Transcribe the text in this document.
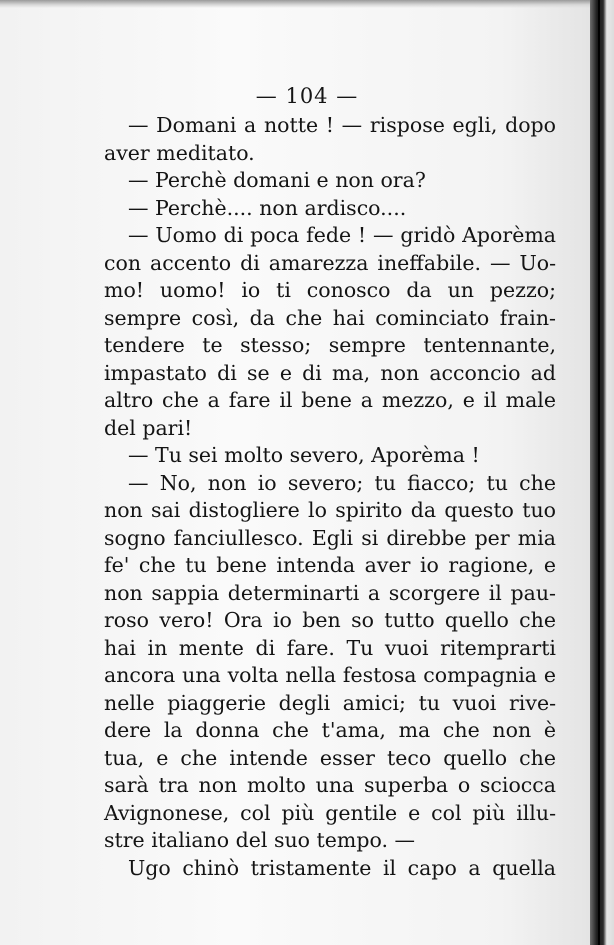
— 104 —
— Domani a notte ! — rispose egli, dopo
aver meditato.
— Perchè domani e non ora?
— Perchè.... non ardisco....
— Uomo di poca fede ! — gridò Aporèma
con accento di amarezza ineffabile. — Uo-
mo! uomo! io ti conosco da un pezzo;
sempre così, da che hai cominciato frain-
tendere te stesso; sempre tentennante,
impastato di se e di ma, non acconcio ad
altro che a fare il bene a mezzo, e il male
del pari!
— Tu sei molto severo, Aporèma !
— No, non io severo; tu fiacco; tu che
non sai distogliere lo spirito da questo tuo
sogno fanciullesco. Egli si direbbe per mia
fe' che tu bene intenda aver io ragione, e
non sappia determinarti a scorgere il pau-
roso vero! Ora io ben so tutto quello che
hai in mente di fare. Tu vuoi ritemprarti
ancora una volta nella festosa compagnia e
nelle piaggerie degli amici; tu vuoi rive-
dere la donna che t'ama, ma che non è
tua, e che intende esser teco quello che
sarà tra non molto una superba o sciocca
Avignonese, col più gentile e col più illu-
stre italiano del suo tempo. —
Ugo chinò tristamente il capo a quella
